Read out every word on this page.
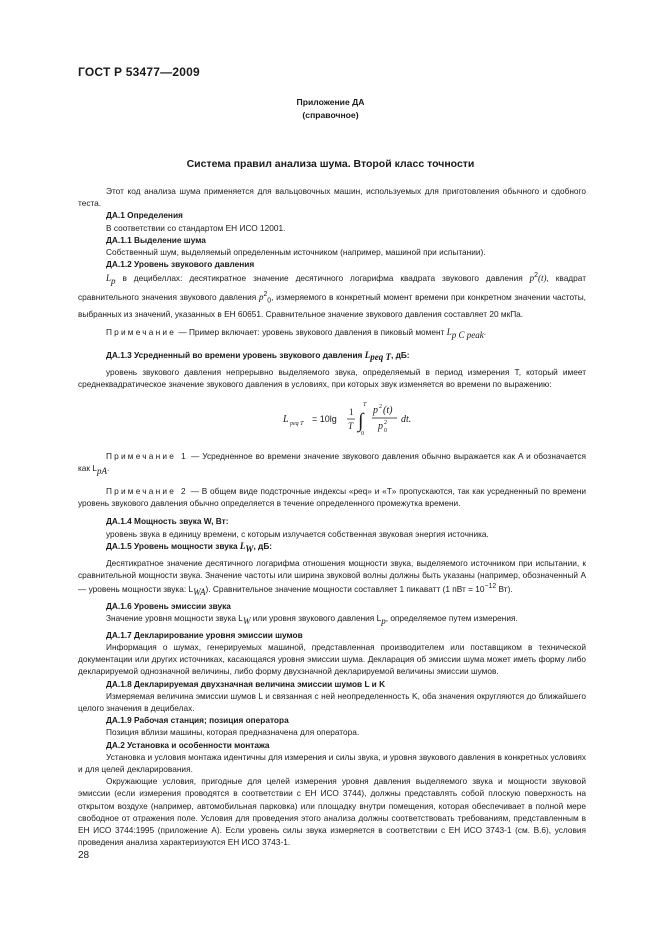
ГОСТ Р 53477—2009
Приложение ДА
(справочное)
Система правил анализа шума. Второй класс точности

Этот код анализа шума применяется для вальцовочных машин, используемых для приготовления обычного и сдобного теста.

ДА.1 Определения

В соответствии со стандартом ЕН ИСО 12001.

ДА.1.1 Выделение шума

Собственный шум, выделяемый определенным источником (например, машиной при испытании).

ДА.1.2 Уровень звукового давления

$L_p$ в децибеллах: десятикратное значение десятичного логарифма квадрата звукового давления $p^2(t)$, квадрат сравнительного значения звукового давления $p^2_0$, измеряемого в конкретный момент времени при конкретном значении частоты, выбранных из значений, указанных в ЕН 60651. Сравнительное значение звукового давления составляет 20 мкПа.

Примечание — Пример включает: уровень звукового давления в пиковый момент $L_{p C peak}$.

ДА.1.3 Усредненный во времени уровень звукового давления $L_{peq T}$, дБ:

уровень звукового давления непрерывно выделяемого звука, определяемый в период измерения T, который имеет среднеквадратическое значение звукового давления в условиях, при которых звук изменяется во времени по выражению:

L peq T = 10lg
1
T ∫
T
0
p 2 (t)
p 2
0
dt.

Примечание 1 — Усредненное во времени значение звукового давления обычно выражается как A и обозначается как $L_{pA}$.

Примечание 2 — В общем виде подстрочные индексы «peq» и «T» пропускаются, так как усредненный по времени уровень звукового давления обычно определяется в течение определенного промежутка времени.

ДА.1.4 Мощность звука W, Вт:

уровень звука в единицу времени, с которым излучается собственная звуковая энергия источника.

ДА.1.5 Уровень мощности звука $L_W$, дБ:

Десятикратное значение десятичного логарифма отношения мощности звука, выделяемого источником при испытании, к сравнительной мощности звука. Значение частоты или ширина звуковой волны должны быть указаны (например, обозначенный A — уровень мощности звука: $L_{WA}$). Сравнительное значение мощности составляет 1 пикаватт (1 пВт = $10^{-12}$ Вт).

ДА.1.6 Уровень эмиссии звука

Значение уровня мощности звука $L_W$ или уровня звукового давления $L_p$, определяемое путем измерения.

ДА.1.7 Декларирование уровня эмиссии шумов

Информация о шумах, генерируемых машиной, представленная производителем или поставщиком в технической документации или других источниках, касающаяся уровня эмиссии шума. Декларация об эмиссии шума может иметь форму либо декларируемой однозначной величины, либо форму двухзначной декларируемой величины эмиссии шумов.

ДА.1.8 Декларируемая двухзначная величина эмиссии шумов L и K

Измеряемая величина эмиссии шумов L и связанная с ней неопределенность K, оба значения округляются до ближайшего целого значения в децибелах.

ДА.1.9 Рабочая станция; позиция оператора

Позиция вблизи машины, которая предназначена для оператора.

ДА.2 Установка и особенности монтажа

Установка и условия монтажа идентичны для измерения и силы звука, и уровня звукового давления в конкретных условиях и для целей декларирования.

Окружающие условия, пригодные для целей измерения уровня давления выделяемого звука и мощности звуковой эмиссии (если измерения проводятся в соответствии с ЕН ИСО 3744), должны представлять собой плоскую поверхность на открытом воздухе (например, автомобильная парковка) или площадку внутри помещения, которая обеспечивает в полной мере свободное от отражения поле. Условия для проведения этого анализа должны соответствовать требованиям, представленным в ЕН ИСО 3744:1995 (приложение А). Если уровень силы звука измеряется в соответствии с ЕН ИСО 3743-1 (см. В.6), условия проведения анализа характеризуются ЕН ИСО 3743-1.

28
